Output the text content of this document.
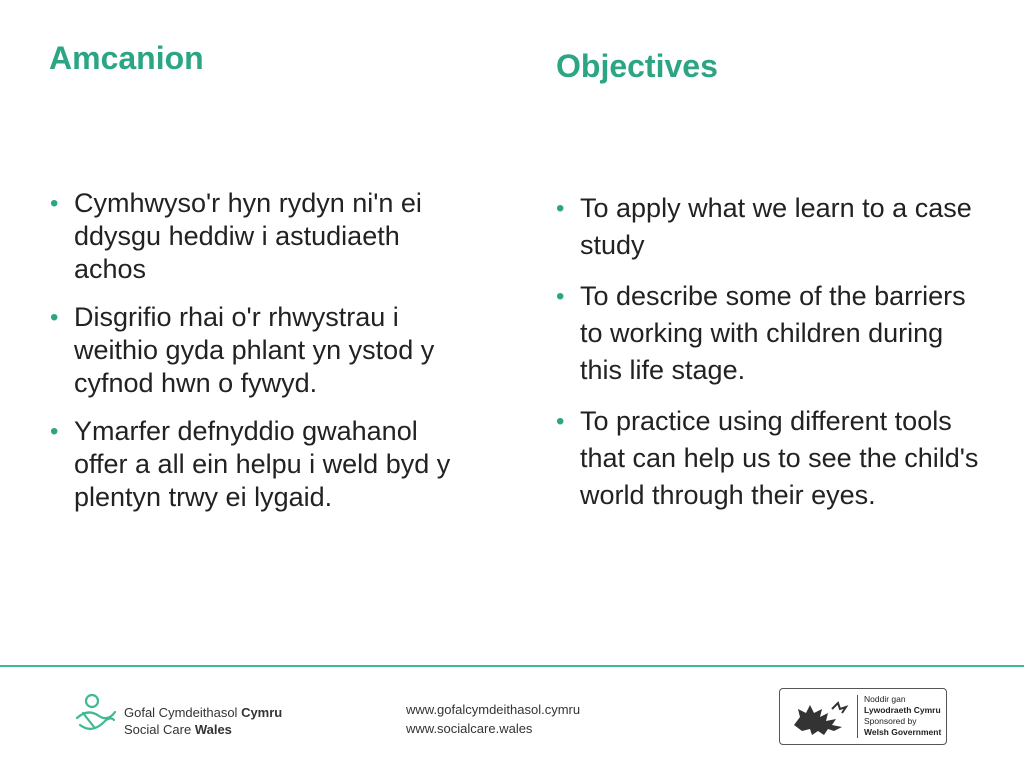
Amcanion	Objectives
• Cymhwyso'r hyn rydyn ni'n ei ddysgu heddiw i astudiaeth achos
• Disgrifio rhai o'r rhwystrau i weithio gyda phlant yn ystod y cyfnod hwn o fywyd.
• Ymarfer defnyddio gwahanol offer a all ein helpu i weld byd y plentyn trwy ei lygaid.
• To apply what we learn to a case study
• To describe some of the barriers to working with children during this life stage.
• To practice using different tools that can help us to see the child's world through their eyes.
Gofal Cymdeithasol Cymru
Social Care Wales
www.gofalcymdeithasol.cymru
www.socialcare.wales
Noddir gan
Lywodraeth Cymru
Sponsored by
Welsh Government
